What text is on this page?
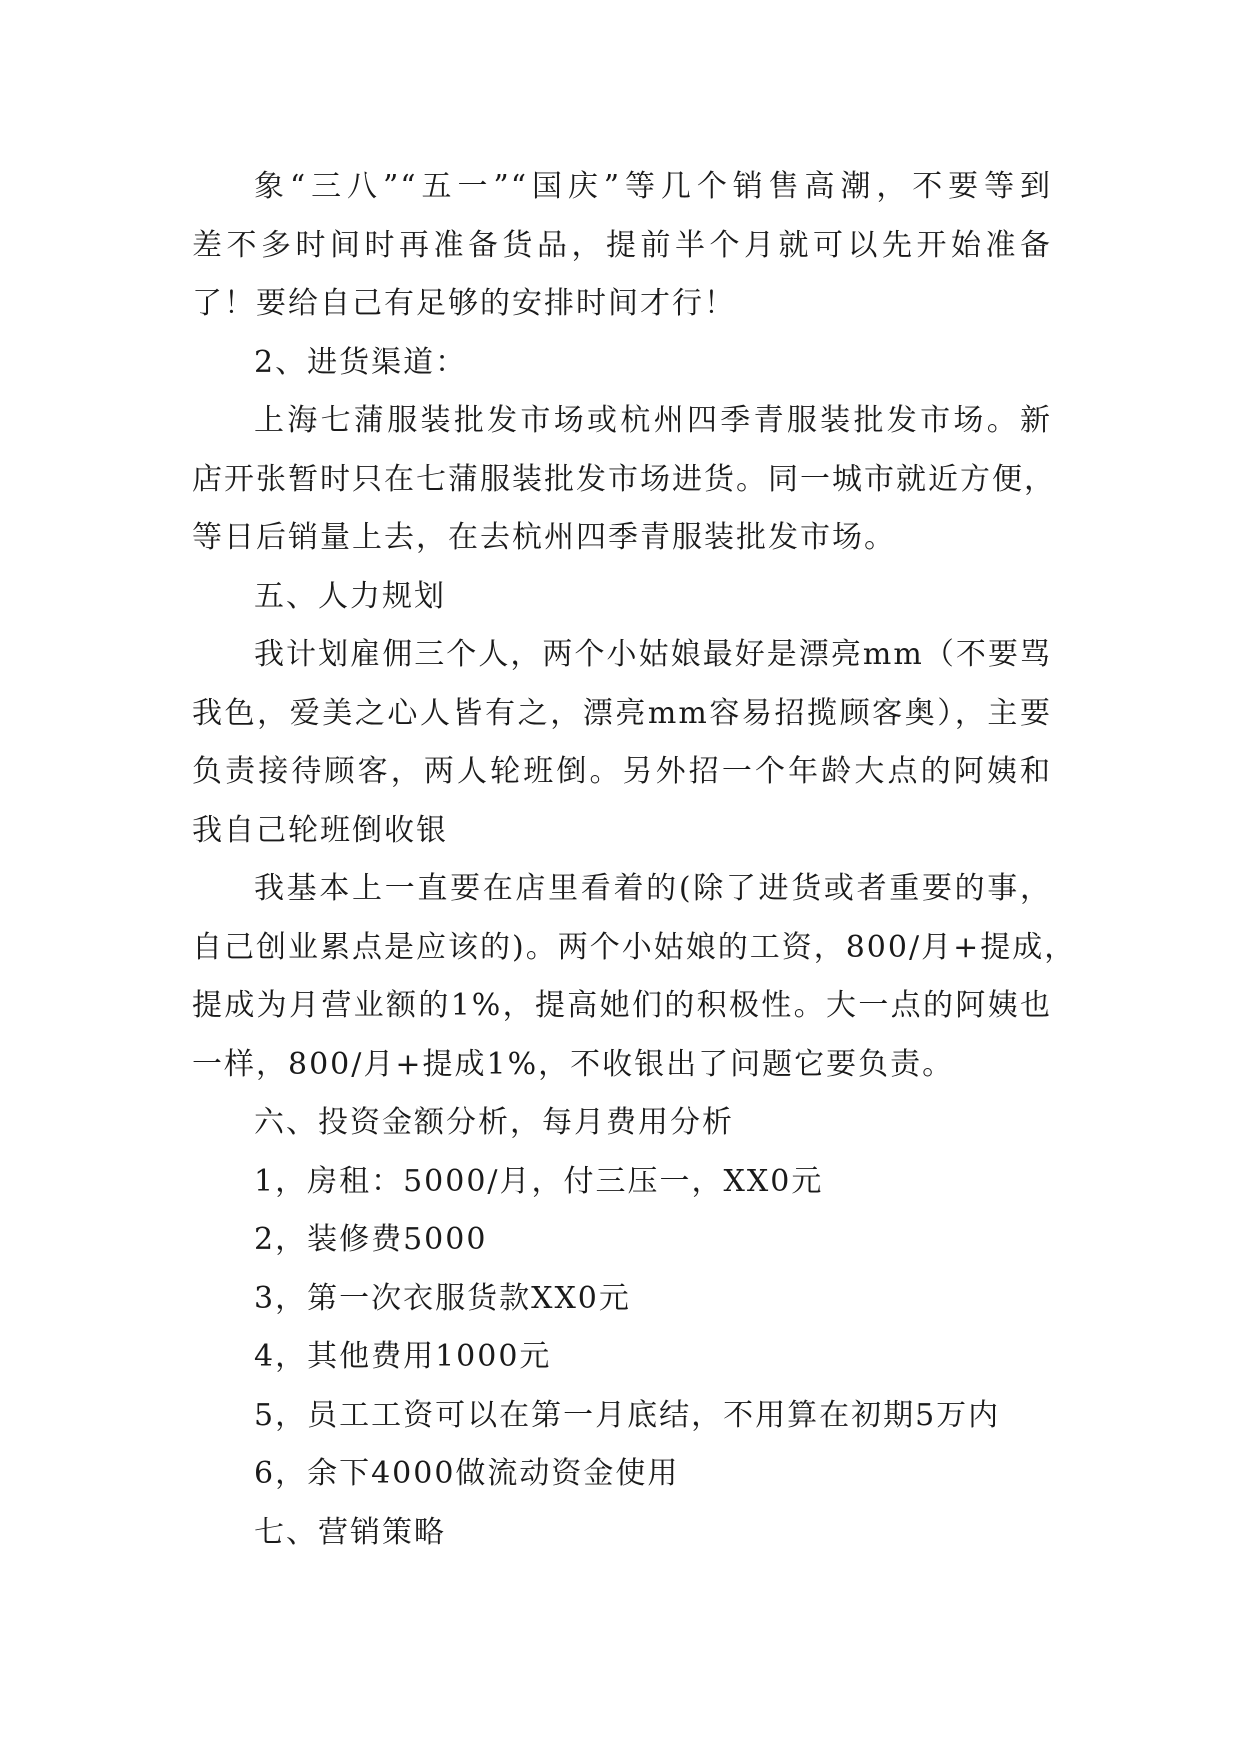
象“三八”“五一”“国庆”等几个销售高潮，不要等到
差不多时间时再准备货品，提前半个月就可以先开始准备
了！要给自己有足够的安排时间才行！
2、进货渠道：
上海七蒲服装批发市场或杭州四季青服装批发市场。新
店开张暂时只在七蒲服装批发市场进货。同一城市就近方便，
等日后销量上去，在去杭州四季青服装批发市场。
五、人力规划
我计划雇佣三个人，两个小姑娘最好是漂亮mm（不要骂
我色，爱美之心人皆有之，漂亮mm容易招揽顾客奥），主要
负责接待顾客，两人轮班倒。另外招一个年龄大点的阿姨和
我自己轮班倒收银
我基本上一直要在店里看着的(除了进货或者重要的事，
自己创业累点是应该的)。两个小姑娘的工资，800/月+提成，
提成为月营业额的1%，提高她们的积极性。大一点的阿姨也
一样，800/月+提成1%，不收银出了问题它要负责。
六、投资金额分析，每月费用分析
1，房租：5000/月，付三压一，XX0元
2，装修费5000
3，第一次衣服货款XX0元
4，其他费用1000元
5，员工工资可以在第一月底结，不用算在初期5万内
6，余下4000做流动资金使用
七、营销策略
